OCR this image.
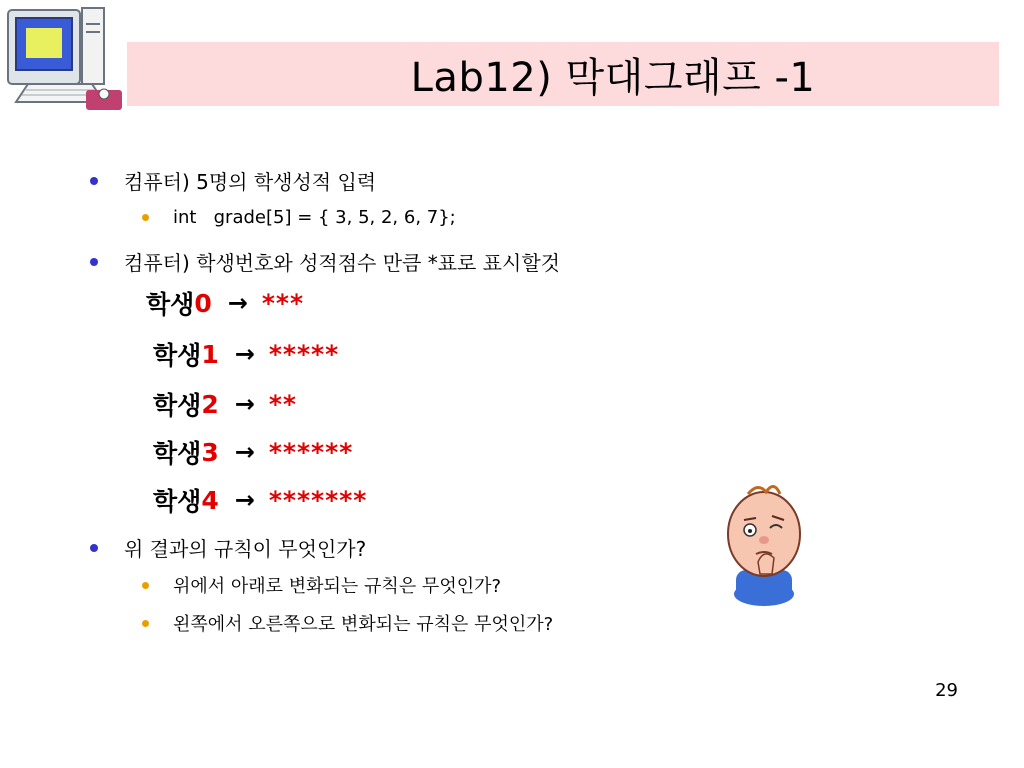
Lab12) 막대그래프 -1
컴퓨터) 5명의 학생성적 입력
int   grade[5] = { 3, 5, 2, 6, 7};
컴퓨터) 학생번호와 성적점수 만큼 *표로 표시할것
학생 0 → ***
학생 1 → *****
학생 2 → **
학생 3 → ******
학생 4 → *******
위 결과의 규칙이 무엇인가?
위에서 아래로 변화되는 규칙은 무엇인가?
왼쪽에서 오른쪽으로 변화되는 규칙은 무엇인가?
29
